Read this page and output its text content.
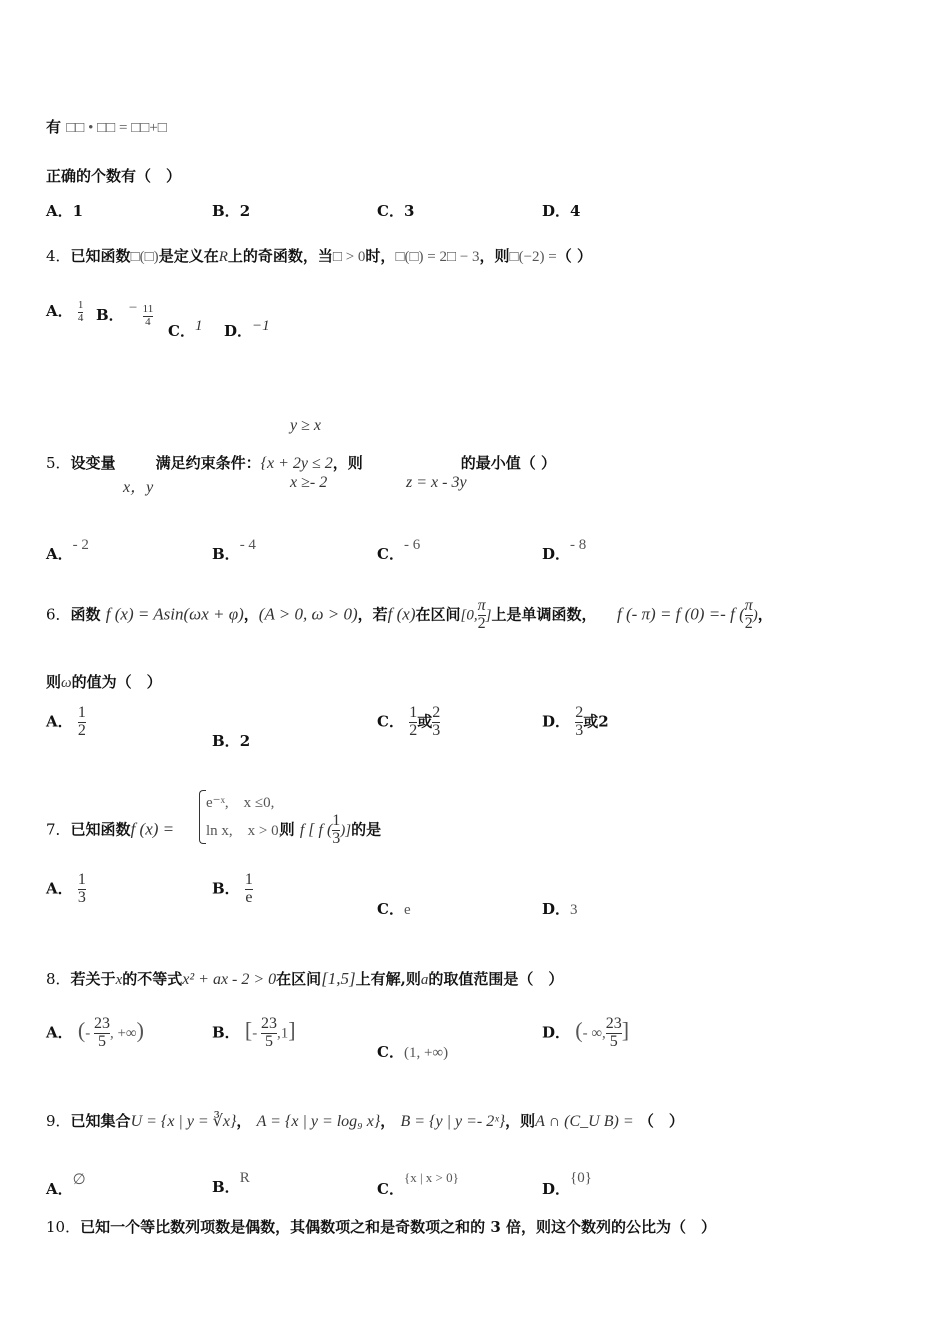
有 □□ • □□ = □□+□
正确的个数有（　）
A．1	B．2	C．3	D．4
4．已知函数□(□)是定义在R上的奇函数，当□ > 0时，□(□) = 2□ − 3，则□(−2) =（ ）
A． $\frac{1}{4}$ B． − $\frac{11}{4}$
C．1 D．−1
y ≥ x
5．设变量	满足约束条件：{x + 2y ≤ 2，则	的最小值（ ）
x，y	x ≥- 2	z = x - 3y
A．- 2	B．- 4	C．- 6	D．- 8
6．函数 f (x) = Asin(ωx + φ)，(A > 0, ω > 0)，若f (x)在区间[0, $\frac{\pi}{2}$ ]上是单调函数， f (- π) = f (0) =- f ( $\frac{\pi}{2}$ )，
则ω的值为（　）
A． $\frac{1}{2}$
B．2
C． $\frac{1}{2}$ 或 $\frac{2}{3}$	D． $\frac{2}{3}$ 或2
7．已知函数f (x) =	则 f [ f ( $\frac{1}{3}$ )]的是
e⁻ˣ,　x ≤0,
ln x,　x > 0,
A． $\frac{1}{3}$	B． $\frac{1}{e}$
C．e	D．3
8．若关于x的不等式x² + ax - 2 > 0在区间[1,5]上有解,则a的取值范围是（　）
A． (- $\frac{23}{5}$ , +∞)	B． [- $\frac{23}{5} ,1$]
C．(1, +∞)
D． (- ∞, $\frac{23}{5}$ ]
9．已知集合U = {x | y = ∛x}， A = {x | y = log₉ x}， B = {y | y =- 2ˣ}，则A ∩ (C_U B) = （　）
A．∅	B．R
C．{x | x > 0}
D．{0}
10．已知一个等比数列项数是偶数，其偶数项之和是奇数项之和的 3 倍，则这个数列的公比为（　）
